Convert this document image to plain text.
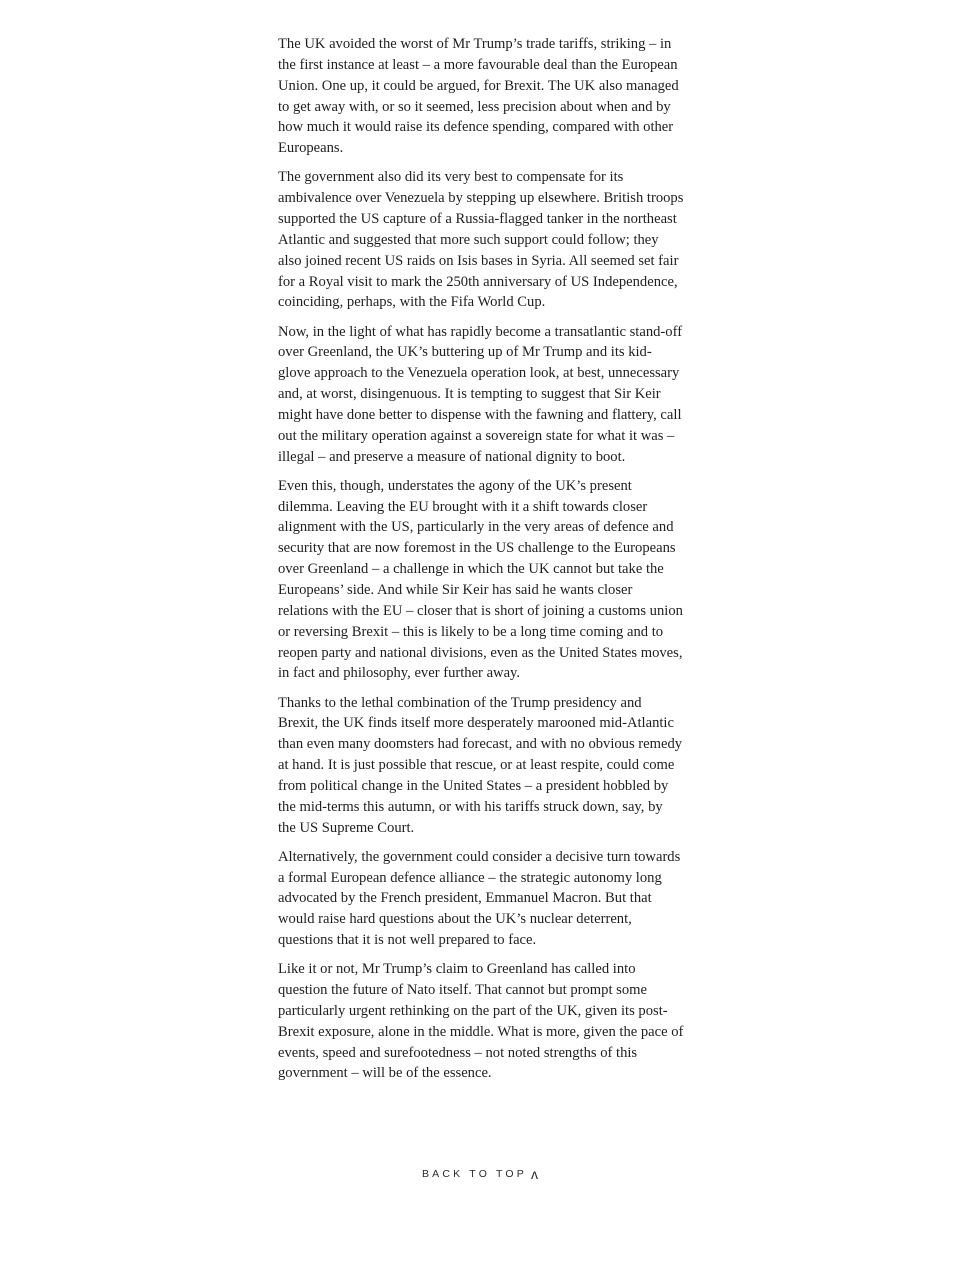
The UK avoided the worst of Mr Trump’s trade tariffs, striking – in the first instance at least – a more favourable deal than the European Union. One up, it could be argued, for Brexit. The UK also managed to get away with, or so it seemed, less precision about when and by how much it would raise its defence spending, compared with other Europeans.

The government also did its very best to compensate for its ambivalence over Venezuela by stepping up elsewhere. British troops supported the US capture of a Russia-flagged tanker in the northeast Atlantic and suggested that more such support could follow; they also joined recent US raids on Isis bases in Syria. All seemed set fair for a Royal visit to mark the 250th anniversary of US Independence, coinciding, perhaps, with the Fifa World Cup.

Now, in the light of what has rapidly become a transatlantic stand-off over Greenland, the UK’s buttering up of Mr Trump and its kid-glove approach to the Venezuela operation look, at best, unnecessary and, at worst, disingenuous. It is tempting to suggest that Sir Keir might have done better to dispense with the fawning and flattery, call out the military operation against a sovereign state for what it was – illegal – and preserve a measure of national dignity to boot.

Even this, though, understates the agony of the UK’s present dilemma. Leaving the EU brought with it a shift towards closer alignment with the US, particularly in the very areas of defence and security that are now foremost in the US challenge to the Europeans over Greenland – a challenge in which the UK cannot but take the Europeans’ side. And while Sir Keir has said he wants closer relations with the EU – closer that is short of joining a customs union or reversing Brexit – this is likely to be a long time coming and to reopen party and national divisions, even as the United States moves, in fact and philosophy, ever further away.

Thanks to the lethal combination of the Trump presidency and Brexit, the UK finds itself more desperately marooned mid-Atlantic than even many doomsters had forecast, and with no obvious remedy at hand. It is just possible that rescue, or at least respite, could come from political change in the United States – a president hobbled by the mid-terms this autumn, or with his tariffs struck down, say, by the US Supreme Court.

Alternatively, the government could consider a decisive turn towards a formal European defence alliance – the strategic autonomy long advocated by the French president, Emmanuel Macron. But that would raise hard questions about the UK’s nuclear deterrent, questions that it is not well prepared to face.

Like it or not, Mr Trump’s claim to Greenland has called into question the future of Nato itself. That cannot but prompt some particularly urgent rethinking on the part of the UK, given its post-Brexit exposure, alone in the middle. What is more, given the pace of events, speed and surefootedness – not noted strengths of this government – will be of the essence.

BACK TO TOP ʌ
